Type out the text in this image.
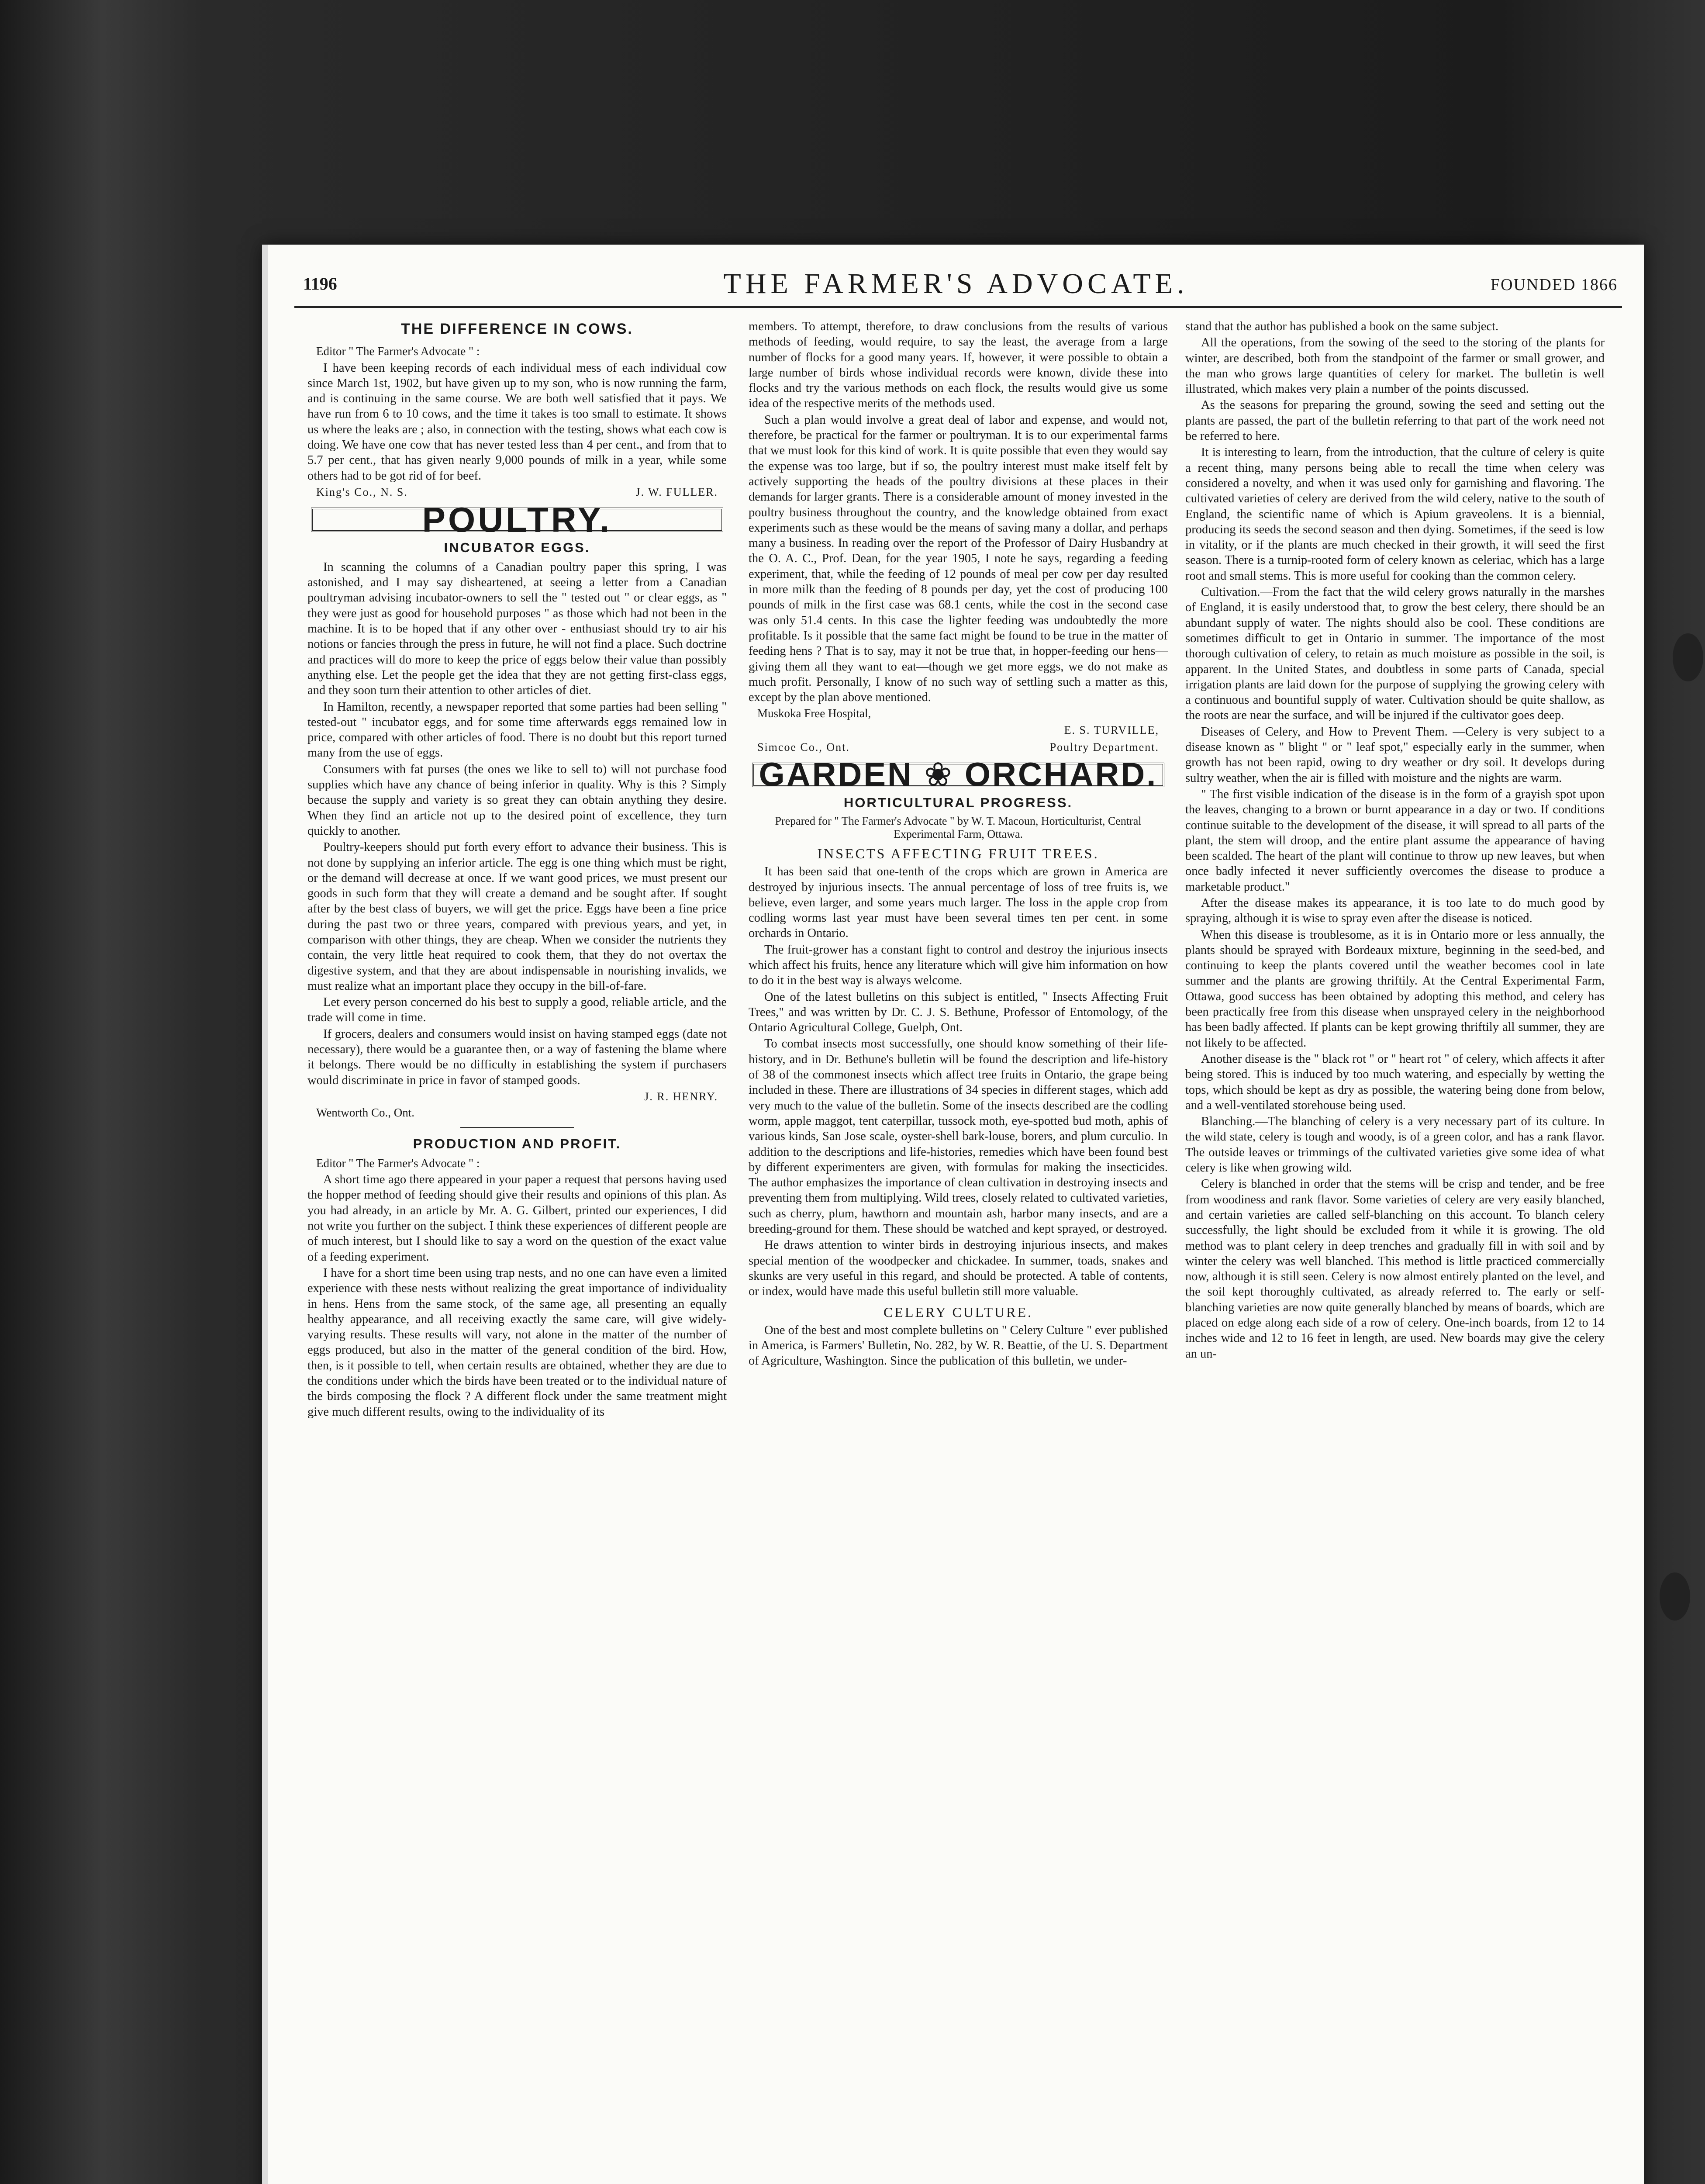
1196	THE FARMER'S ADVOCATE.	FOUNDED 1866
THE DIFFERENCE IN COWS.

Editor " The Farmer's Advocate " :

I have been keeping records of each individual mess of each individual cow since March 1st, 1902, but have given up to my son, who is now running the farm, and is continuing in the same course. We are both well satisfied that it pays. We have run from 6 to 10 cows, and the time it takes is too small to estimate. It shows us where the leaks are ; also, in connection with the testing, shows what each cow is doing. We have one cow that has never tested less than 4 per cent., and from that to 5.7 per cent., that has given nearly 9,000 pounds of milk in a year, while some others had to be got rid of for beef.

King's Co., N. S.	J. W. FULLER.
POULTRY.
INCUBATOR EGGS.

In scanning the columns of a Canadian poultry paper this spring, I was astonished, and I may say disheartened, at seeing a letter from a Canadian poultryman advising incubator-owners to sell the " tested out " or clear eggs, as " they were just as good for household purposes " as those which had not been in the machine. It is to be hoped that if any other over - enthusiast should try to air his notions or fancies through the press in future, he will not find a place. Such doctrine and practices will do more to keep the price of eggs below their value than possibly anything else. Let the people get the idea that they are not getting first-class eggs, and they soon turn their attention to other articles of diet.

In Hamilton, recently, a newspaper reported that some parties had been selling " tested-out " incubator eggs, and for some time afterwards eggs remained low in price, compared with other articles of food. There is no doubt but this report turned many from the use of eggs.

Consumers with fat purses (the ones we like to sell to) will not purchase food supplies which have any chance of being inferior in quality. Why is this ? Simply because the supply and variety is so great they can obtain anything they desire. When they find an article not up to the desired point of excellence, they turn quickly to another.

Poultry-keepers should put forth every effort to advance their business. This is not done by supplying an inferior article. The egg is one thing which must be right, or the demand will decrease at once. If we want good prices, we must present our goods in such form that they will create a demand and be sought after. If sought after by the best class of buyers, we will get the price. Eggs have been a fine price during the past two or three years, compared with previous years, and yet, in comparison with other things, they are cheap. When we consider the nutrients they contain, the very little heat required to cook them, that they do not overtax the digestive system, and that they are about indispensable in nourishing invalids, we must realize what an important place they occupy in the bill-of-fare.

Let every person concerned do his best to supply a good, reliable article, and the trade will come in time.

If grocers, dealers and consumers would insist on having stamped eggs (date not necessary), there would be a guarantee then, or a way of fastening the blame where it belongs. There would be no difficulty in establishing the system if purchasers would discriminate in price in favor of stamped goods.

J. R. HENRY.

Wentworth Co., Ont.

PRODUCTION AND PROFIT.

Editor " The Farmer's Advocate " :

A short time ago there appeared in your paper a request that persons having used the hopper method of feeding should give their results and opinions of this plan. As you had already, in an article by Mr. A. G. Gilbert, printed our experiences, I did not write you further on the subject. I think these experiences of different people are of much interest, but I should like to say a word on the question of the exact value of a feeding experiment.

I have for a short time been using trap nests, and no one can have even a limited experience with these nests without realizing the great importance of individuality in hens. Hens from the same stock, of the same age, all presenting an equally healthy appearance, and all receiving exactly the same care, will give widely-varying results. These results will vary, not alone in the matter of the number of eggs produced, but also in the matter of the general condition of the bird. How, then, is it possible to tell, when certain results are obtained, whether they are due to the conditions under which the birds have been treated or to the individual nature of the birds composing the flock ? A different flock under the same treatment might give much different results, owing to the individuality of its

members. To attempt, therefore, to draw conclusions from the results of various methods of feeding, would require, to say the least, the average from a large number of flocks for a good many years. If, however, it were possible to obtain a large number of birds whose individual records were known, divide these into flocks and try the various methods on each flock, the results would give us some idea of the respective merits of the methods used.

Such a plan would involve a great deal of labor and expense, and would not, therefore, be practical for the farmer or poultryman. It is to our experimental farms that we must look for this kind of work. It is quite possible that even they would say the expense was too large, but if so, the poultry interest must make itself felt by actively supporting the heads of the poultry divisions at these places in their demands for larger grants. There is a considerable amount of money invested in the poultry business throughout the country, and the knowledge obtained from exact experiments such as these would be the means of saving many a dollar, and perhaps many a business. In reading over the report of the Professor of Dairy Husbandry at the O. A. C., Prof. Dean, for the year 1905, I note he says, regarding a feeding experiment, that, while the feeding of 12 pounds of meal per cow per day resulted in more milk than the feeding of 8 pounds per day, yet the cost of producing 100 pounds of milk in the first case was 68.1 cents, while the cost in the second case was only 51.4 cents. In this case the lighter feeding was undoubtedly the more profitable. Is it possible that the same fact might be found to be true in the matter of feeding hens ? That is to say, may it not be true that, in hopper-feeding our hens—giving them all they want to eat—though we get more eggs, we do not make as much profit. Personally, I know of no such way of settling such a matter as this, except by the plan above mentioned.

Muskoka Free Hospital,

E. S. TURVILLE,
Simcoe Co., Ont.	Poultry Department.
GARDEN ❀ ORCHARD.
HORTICULTURAL PROGRESS.
Prepared for " The Farmer's Advocate " by W. T. Macoun, Horticulturist, Central Experimental Farm, Ottawa.
INSECTS AFFECTING FRUIT TREES.

It has been said that one-tenth of the crops which are grown in America are destroyed by injurious insects. The annual percentage of loss of tree fruits is, we believe, even larger, and some years much larger. The loss in the apple crop from codling worms last year must have been several times ten per cent. in some orchards in Ontario.

The fruit-grower has a constant fight to control and destroy the injurious insects which affect his fruits, hence any literature which will give him information on how to do it in the best way is always welcome.

One of the latest bulletins on this subject is entitled, " Insects Affecting Fruit Trees," and was written by Dr. C. J. S. Bethune, Professor of Entomology, of the Ontario Agricultural College, Guelph, Ont.

To combat insects most successfully, one should know something of their life-history, and in Dr. Bethune's bulletin will be found the description and life-history of 38 of the commonest insects which affect tree fruits in Ontario, the grape being included in these. There are illustrations of 34 species in different stages, which add very much to the value of the bulletin. Some of the insects described are the codling worm, apple maggot, tent caterpillar, tussock moth, eye-spotted bud moth, aphis of various kinds, San Jose scale, oyster-shell bark-louse, borers, and plum curculio. In addition to the descriptions and life-histories, remedies which have been found best by different experimenters are given, with formulas for making the insecticides. The author emphasizes the importance of clean cultivation in destroying insects and preventing them from multiplying. Wild trees, closely related to cultivated varieties, such as cherry, plum, hawthorn and mountain ash, harbor many insects, and are a breeding-ground for them. These should be watched and kept sprayed, or destroyed.

He draws attention to winter birds in destroying injurious insects, and makes special mention of the woodpecker and chickadee. In summer, toads, snakes and skunks are very useful in this regard, and should be protected. A table of contents, or index, would have made this useful bulletin still more valuable.

CELERY CULTURE.

One of the best and most complete bulletins on " Celery Culture " ever published in America, is Farmers' Bulletin, No. 282, by W. R. Beattie, of the U. S. Department of Agriculture, Washington. Since the publication of this bulletin, we under-

stand that the author has published a book on the same subject.

All the operations, from the sowing of the seed to the storing of the plants for winter, are described, both from the standpoint of the farmer or small grower, and the man who grows large quantities of celery for market. The bulletin is well illustrated, which makes very plain a number of the points discussed.

As the seasons for preparing the ground, sowing the seed and setting out the plants are passed, the part of the bulletin referring to that part of the work need not be referred to here.

It is interesting to learn, from the introduction, that the culture of celery is quite a recent thing, many persons being able to recall the time when celery was considered a novelty, and when it was used only for garnishing and flavoring. The cultivated varieties of celery are derived from the wild celery, native to the south of England, the scientific name of which is Apium graveolens. It is a biennial, producing its seeds the second season and then dying. Sometimes, if the seed is low in vitality, or if the plants are much checked in their growth, it will seed the first season. There is a turnip-rooted form of celery known as celeriac, which has a large root and small stems. This is more useful for cooking than the common celery.

Cultivation.—From the fact that the wild celery grows naturally in the marshes of England, it is easily understood that, to grow the best celery, there should be an abundant supply of water. The nights should also be cool. These conditions are sometimes difficult to get in Ontario in summer. The importance of the most thorough cultivation of celery, to retain as much moisture as possible in the soil, is apparent. In the United States, and doubtless in some parts of Canada, special irrigation plants are laid down for the purpose of supplying the growing celery with a continuous and bountiful supply of water. Cultivation should be quite shallow, as the roots are near the surface, and will be injured if the cultivator goes deep.

Diseases of Celery, and How to Prevent Them. —Celery is very subject to a disease known as " blight " or " leaf spot," especially early in the summer, when growth has not been rapid, owing to dry weather or dry soil. It develops during sultry weather, when the air is filled with moisture and the nights are warm.

" The first visible indication of the disease is in the form of a grayish spot upon the leaves, changing to a brown or burnt appearance in a day or two. If conditions continue suitable to the development of the disease, it will spread to all parts of the plant, the stem will droop, and the entire plant assume the appearance of having been scalded. The heart of the plant will continue to throw up new leaves, but when once badly infected it never sufficiently overcomes the disease to produce a marketable product."

After the disease makes its appearance, it is too late to do much good by spraying, although it is wise to spray even after the disease is noticed.

When this disease is troublesome, as it is in Ontario more or less annually, the plants should be sprayed with Bordeaux mixture, beginning in the seed-bed, and continuing to keep the plants covered until the weather becomes cool in late summer and the plants are growing thriftily. At the Central Experimental Farm, Ottawa, good success has been obtained by adopting this method, and celery has been practically free from this disease when unsprayed celery in the neighborhood has been badly affected. If plants can be kept growing thriftily all summer, they are not likely to be affected.

Another disease is the " black rot " or " heart rot " of celery, which affects it after being stored. This is induced by too much watering, and especially by wetting the tops, which should be kept as dry as possible, the watering being done from below, and a well-ventilated storehouse being used.

Blanching.—The blanching of celery is a very necessary part of its culture. In the wild state, celery is tough and woody, is of a green color, and has a rank flavor. The outside leaves or trimmings of the cultivated varieties give some idea of what celery is like when growing wild.

Celery is blanched in order that the stems will be crisp and tender, and be free from woodiness and rank flavor. Some varieties of celery are very easily blanched, and certain varieties are called self-blanching on this account. To blanch celery successfully, the light should be excluded from it while it is growing. The old method was to plant celery in deep trenches and gradually fill in with soil and by winter the celery was well blanched. This method is little practiced commercially now, although it is still seen. Celery is now almost entirely planted on the level, and the soil kept thoroughly cultivated, as already referred to. The early or self-blanching varieties are now quite generally blanched by means of boards, which are placed on edge along each side of a row of celery. One-inch boards, from 12 to 14 inches wide and 12 to 16 feet in length, are used. New boards may give the celery an un-
